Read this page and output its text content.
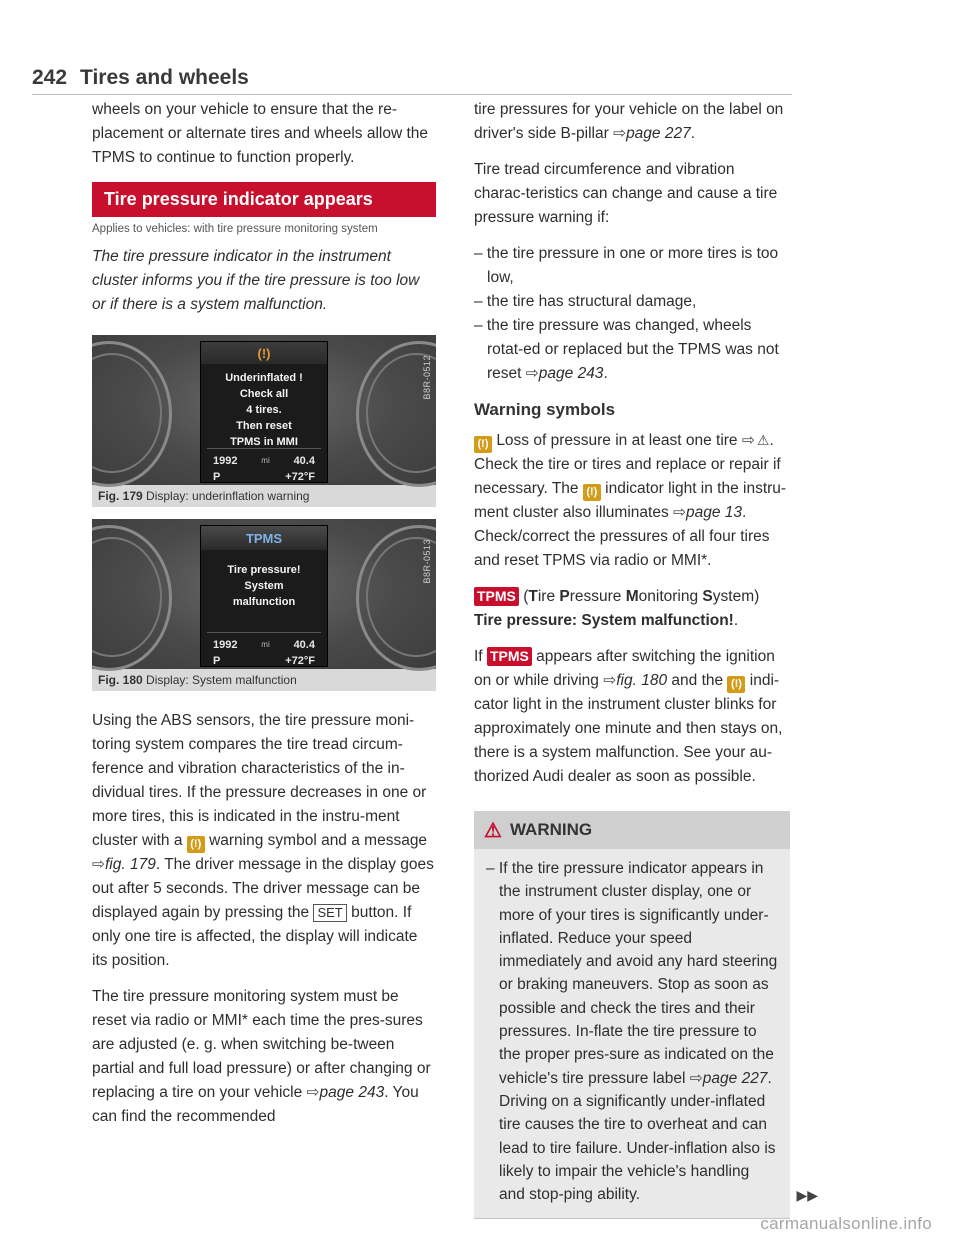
242 Tires and wheels

wheels on your vehicle to ensure that the re-placement or alternate tires and wheels allow the TPMS to continue to function properly.

Tire pressure indicator appears
Applies to vehicles: with tire pressure monitoring system
The tire pressure indicator in the instrument cluster informs you if the tire pressure is too low or if there is a system malfunction.
(!)
Underinflated !
Check all
4 tires.
Then reset
TPMS in MMI
1992	mi 40.4
P	+72°F
B8R-0512
Fig. 179 Display: underinflation warning
TPMS
Tire pressure!
System
malfunction
1992	mi 40.4
P	+72°F
B8R-0513
Fig. 180 Display: System malfunction

Using the ABS sensors, the tire pressure moni-toring system compares the tire tread circum-ference and vibration characteristics of the in-dividual tires. If the pressure decreases in one or more tires, this is indicated in the instru-ment cluster with a (!) warning symbol and a message ⇨fig. 179. The driver message in the display goes out after 5 seconds. The driver message can be displayed again by pressing the SET button. If only one tire is affected, the display will indicate its position.

The tire pressure monitoring system must be reset via radio or MMI* each time the pres-sures are adjusted (e. g. when switching be-tween partial and full load pressure) or after changing or replacing a tire on your vehicle ⇨page 243. You can find the recommended

tire pressures for your vehicle on the label on driver's side B-pillar ⇨page 227.

Tire tread circumference and vibration charac-teristics can change and cause a tire pressure warning if:

– the tire pressure in one or more tires is too low,

– the tire has structural damage,

– the tire pressure was changed, wheels rotat-ed or replaced but the TPMS was not reset ⇨page 243.

Warning symbols

(!) Loss of pressure in at least one tire ⇨ ⚠. Check the tire or tires and replace or repair if necessary. The (!) indicator light in the instru-ment cluster also illuminates ⇨page 13. Check/correct the pressures of all four tires and reset TPMS via radio or MMI*.

TPMS (Tire Pressure Monitoring System) Tire pressure: System malfunction!.

If TPMS appears after switching the ignition on or while driving ⇨fig. 180 and the (!) indi-cator light in the instrument cluster blinks for approximately one minute and then stays on, there is a system malfunction. See your au-thorized Audi dealer as soon as possible.

⚠ WARNING

– If the tire pressure indicator appears in the instrument cluster display, one or more of your tires is significantly under-inflated. Reduce your speed immediately and avoid any hard steering or braking maneuvers. Stop as soon as possible and check the tires and their pressures. In-flate the tire pressure to the proper pres-sure as indicated on the vehicle's tire pressure label ⇨page 227. Driving on a significantly under-inflated tire causes the tire to overheat and can lead to tire failure. Under-inflation also is likely to impair the vehicle's handling and stop-ping ability.	▶▶
carmanualsonline.info
